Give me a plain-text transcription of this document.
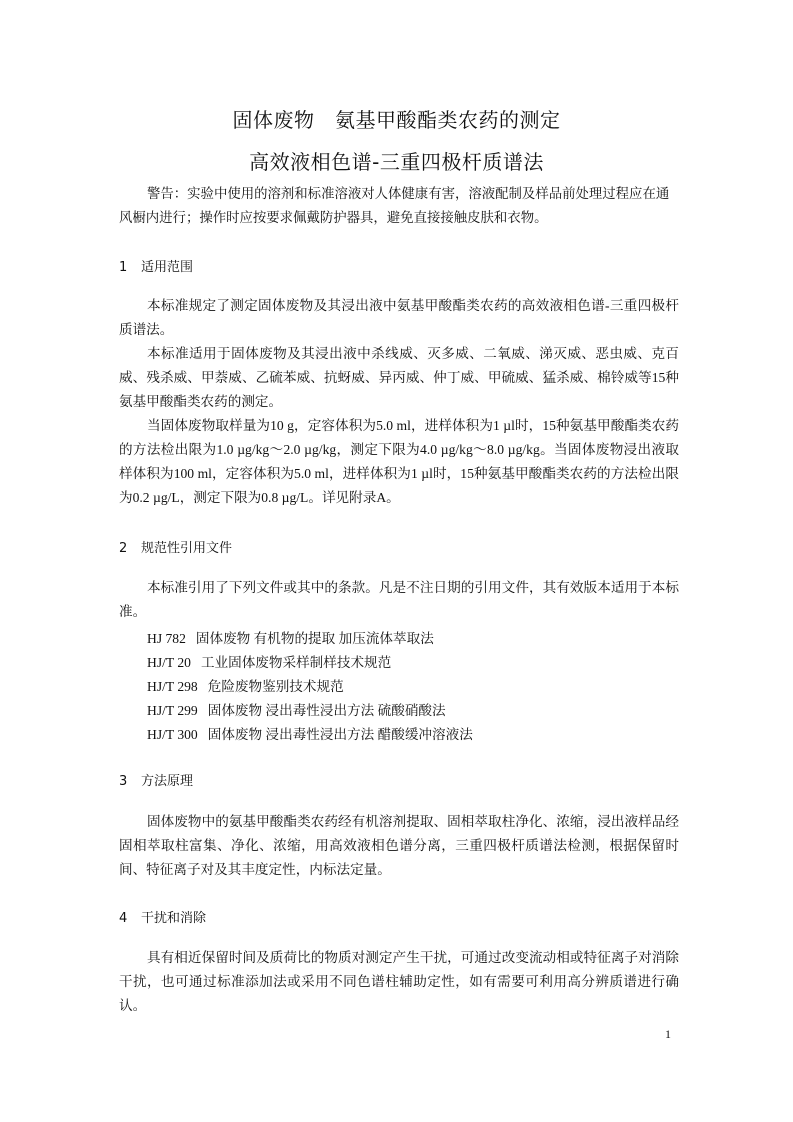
固体废物　氨基甲酸酯类农药的测定
高效液相色谱-三重四极杆质谱法
警告：实验中使用的溶剂和标准溶液对人体健康有害，溶液配制及样品前处理过程应在通风橱内进行；操作时应按要求佩戴防护器具，避免直接接触皮肤和衣物。
1 适用范围
本标准规定了测定固体废物及其浸出液中氨基甲酸酯类农药的高效液相色谱-三重四极杆质谱法。
本标准适用于固体废物及其浸出液中杀线威、灭多威、二氧威、涕灭威、恶虫威、克百威、残杀威、甲萘威、乙硫苯威、抗蚜威、异丙威、仲丁威、甲硫威、猛杀威、棉铃威等15种氨基甲酸酯类农药的测定。
当固体废物取样量为10 g，定容体积为5.0 ml，进样体积为1 µl时，15种氨基甲酸酯类农药的方法检出限为1.0 µg/kg～2.0 µg/kg，测定下限为4.0 µg/kg～8.0 µg/kg。当固体废物浸出液取样体积为100 ml，定容体积为5.0 ml，进样体积为1 µl时，15种氨基甲酸酯类农药的方法检出限为0.2 µg/L，测定下限为0.8 µg/L。详见附录A。
2 规范性引用文件
本标准引用了下列文件或其中的条款。凡是不注日期的引用文件，其有效版本适用于本标准。
HJ 782 固体废物 有机物的提取 加压流体萃取法
HJ/T 20 工业固体废物采样制样技术规范
HJ/T 298 危险废物鉴别技术规范
HJ/T 299 固体废物 浸出毒性浸出方法 硫酸硝酸法
HJ/T 300 固体废物 浸出毒性浸出方法 醋酸缓冲溶液法
3 方法原理
固体废物中的氨基甲酸酯类农药经有机溶剂提取、固相萃取柱净化、浓缩，浸出液样品经固相萃取柱富集、净化、浓缩，用高效液相色谱分离，三重四极杆质谱法检测，根据保留时间、特征离子对及其丰度定性，内标法定量。
4 干扰和消除
具有相近保留时间及质荷比的物质对测定产生干扰，可通过改变流动相或特征离子对消除干扰，也可通过标准添加法或采用不同色谱柱辅助定性，如有需要可利用高分辨质谱进行确认。
1
